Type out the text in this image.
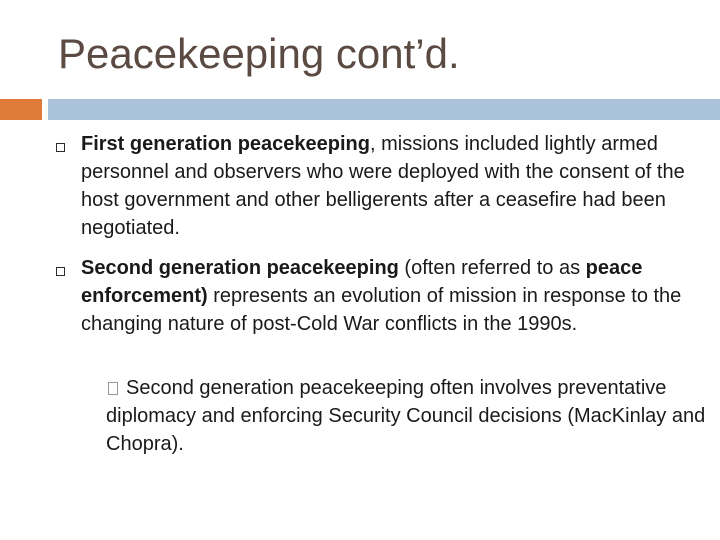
Peacekeeping cont’d.
First generation peacekeeping, missions included lightly armed personnel and observers who were deployed with the consent of the host government and other belligerents after a ceasefire had been negotiated.
Second generation peacekeeping (often referred to as peace enforcement) represents an evolution of mission in response to the changing nature of post-Cold War conflicts in the 1990s.
Second generation peacekeeping often involves preventative diplomacy and enforcing Security Council decisions (MacKinlay and Chopra).
